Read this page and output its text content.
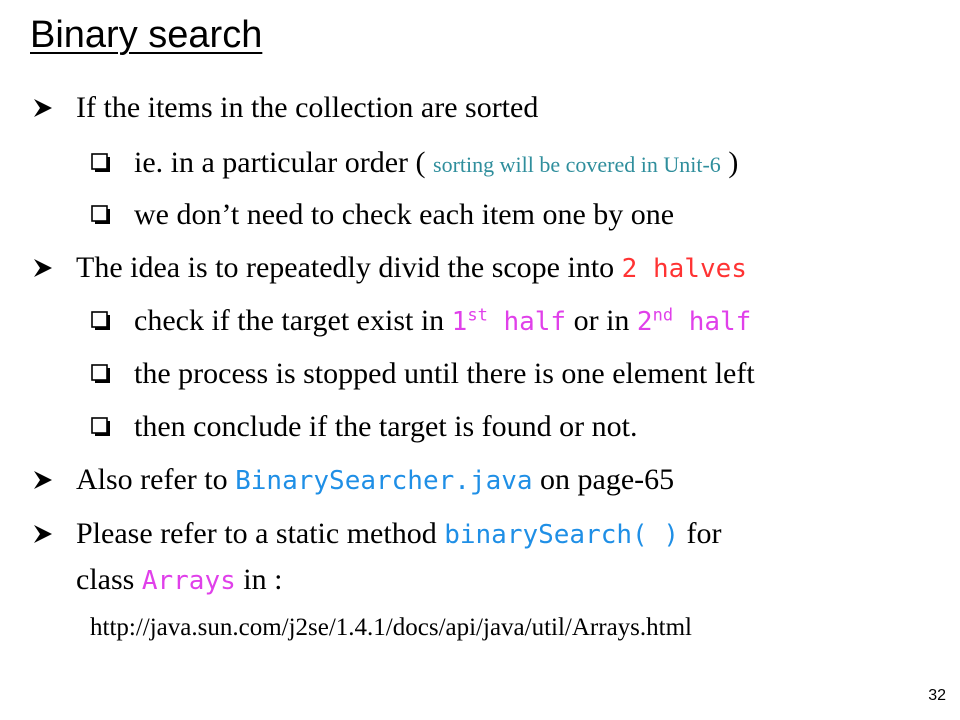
Binary search
If the items in the collection are sorted
ie. in a particular order ( sorting will be covered in Unit-6 )
we don’t need to check each item one by one
The idea is to repeatedly divid the scope into 2 halves
check if the target exist in 1st half or in 2nd half
the process is stopped until there is one element left
then conclude if the target is found or not.
Also refer to BinarySearcher.java on page-65
Please refer to a static method binarySearch( ) for
class Arrays in :
http://java.sun.com/j2se/1.4.1/docs/api/java/util/Arrays.html
32
